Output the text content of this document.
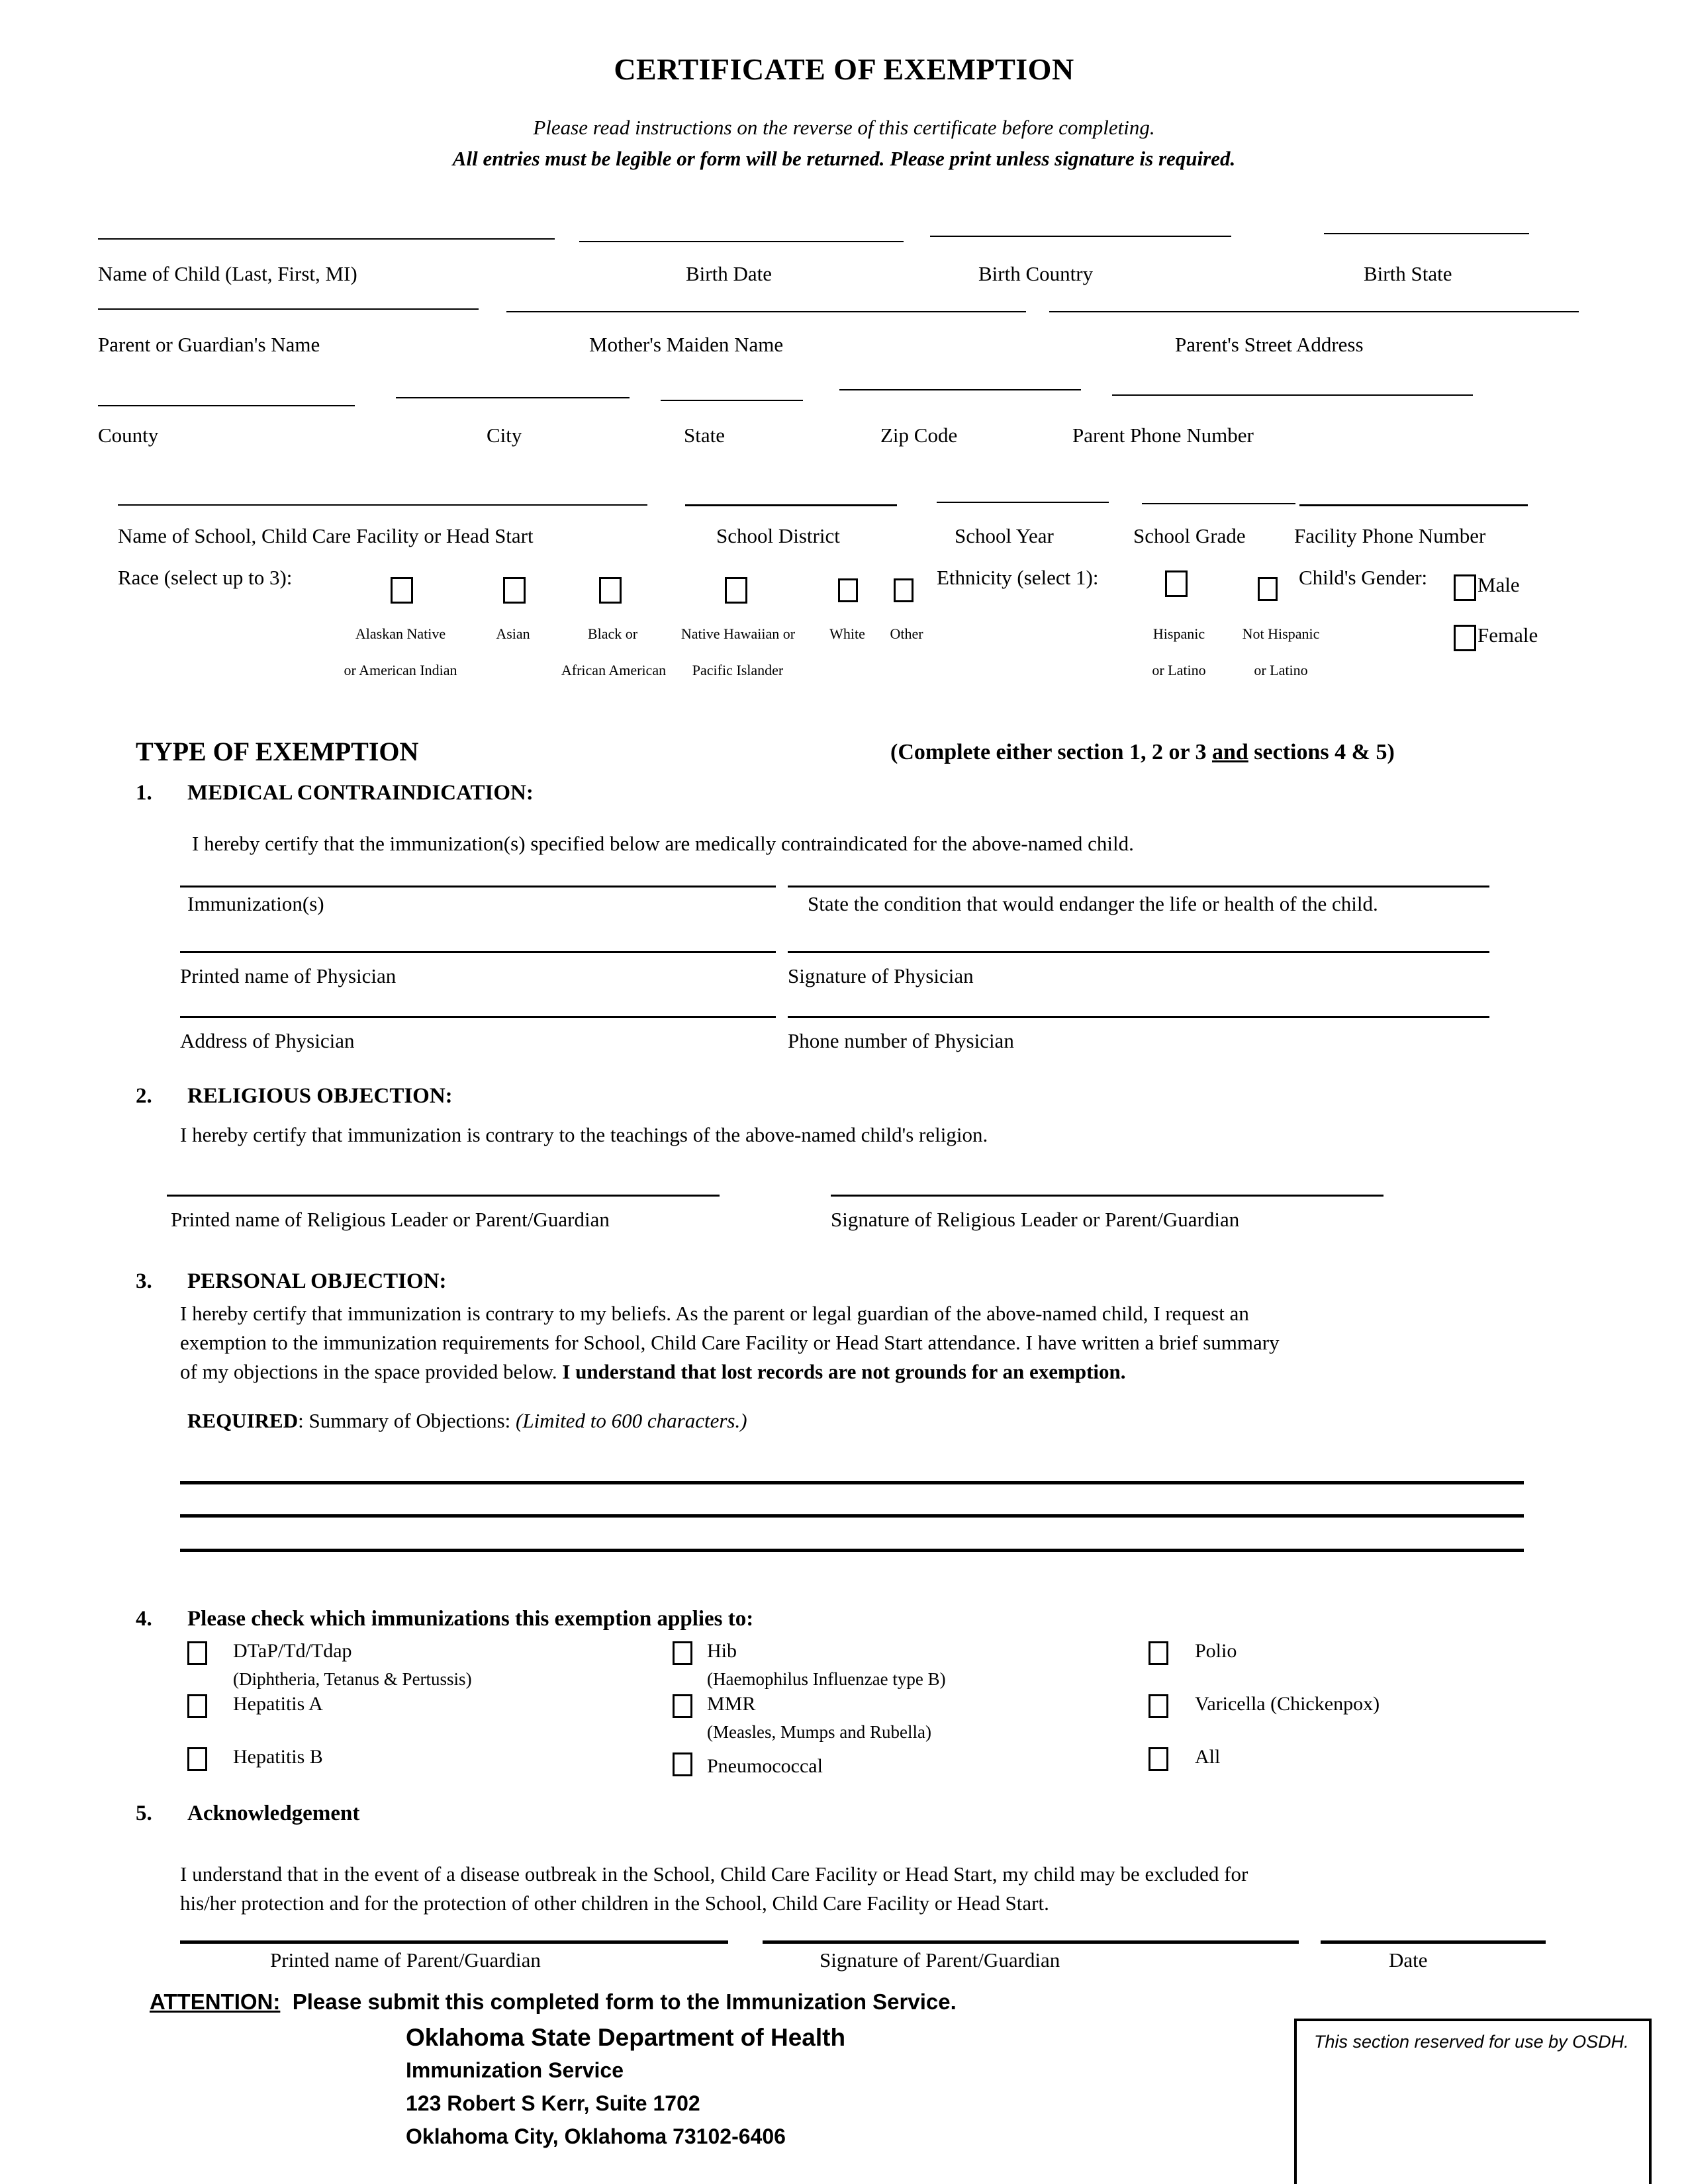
CERTIFICATE OF EXEMPTION
Please read instructions on the reverse of this certificate before completing.
All entries must be legible or form will be returned. Please print unless signature is required.
Name of Child (Last, First, MI)	Birth Date	Birth Country	Birth State
Parent or Guardian's Name	Mother's Maiden Name	Parent's Street Address
County	City	State	Zip Code	Parent Phone Number
Name of School, Child Care Facility or Head Start	School District	School Year	School Grade Facility Phone Number
Race (select up to 3):
Alaskan Native
or American Indian
Asian	Black or
African American
Native Hawaiian or
Pacific Islander
White	Other
Ethnicity (select 1):
Hispanic
or Latino
Not Hispanic
or Latino
Child's Gender: Male
Female
TYPE OF EXEMPTION	(Complete either section 1, 2 or 3 and sections 4 & 5)
1. MEDICAL CONTRAINDICATION:
I hereby certify that the immunization(s) specified below are medically contraindicated for the above-named child.
Immunization(s)	State the condition that would endanger the life or health of the child.
Printed name of Physician	Signature of Physician
Address of Physician	Phone number of Physician
2. RELIGIOUS OBJECTION:
I hereby certify that immunization is contrary to the teachings of the above-named child's religion.
Printed name of Religious Leader or Parent/Guardian	Signature of Religious Leader or Parent/Guardian
3. PERSONAL OBJECTION:
I hereby certify that immunization is contrary to my beliefs. As the parent or legal guardian of the above-named child, I request an
exemption to the immunization requirements for School, Child Care Facility or Head Start attendance. I have written a brief summary
of my objections in the space provided below. I understand that lost records are not grounds for an exemption.
REQUIRED: Summary of Objections: (Limited to 600 characters.)
4. Please check which immunizations this exemption applies to:
DTaP/Td/Tdap
(Diphtheria, Tetanus & Pertussis)
Hepatitis A
Hepatitis B
Hib
(Haemophilus Influenzae type B)
MMR
(Measles, Mumps and Rubella)
Pneumococcal
Polio
Varicella (Chickenpox)
All
5. Acknowledgement
I understand that in the event of a disease outbreak in the School, Child Care Facility or Head Start, my child may be excluded for
his/her protection and for the protection of other children in the School, Child Care Facility or Head Start.
Printed name of Parent/Guardian	Signature of Parent/Guardian	Date
ATTENTION: Please submit this completed form to the Immunization Service.
Oklahoma State Department of Health
Immunization Service
123 Robert S Kerr, Suite 1702
Oklahoma City, Oklahoma 73102-6406
This section reserved for use by OSDH.
